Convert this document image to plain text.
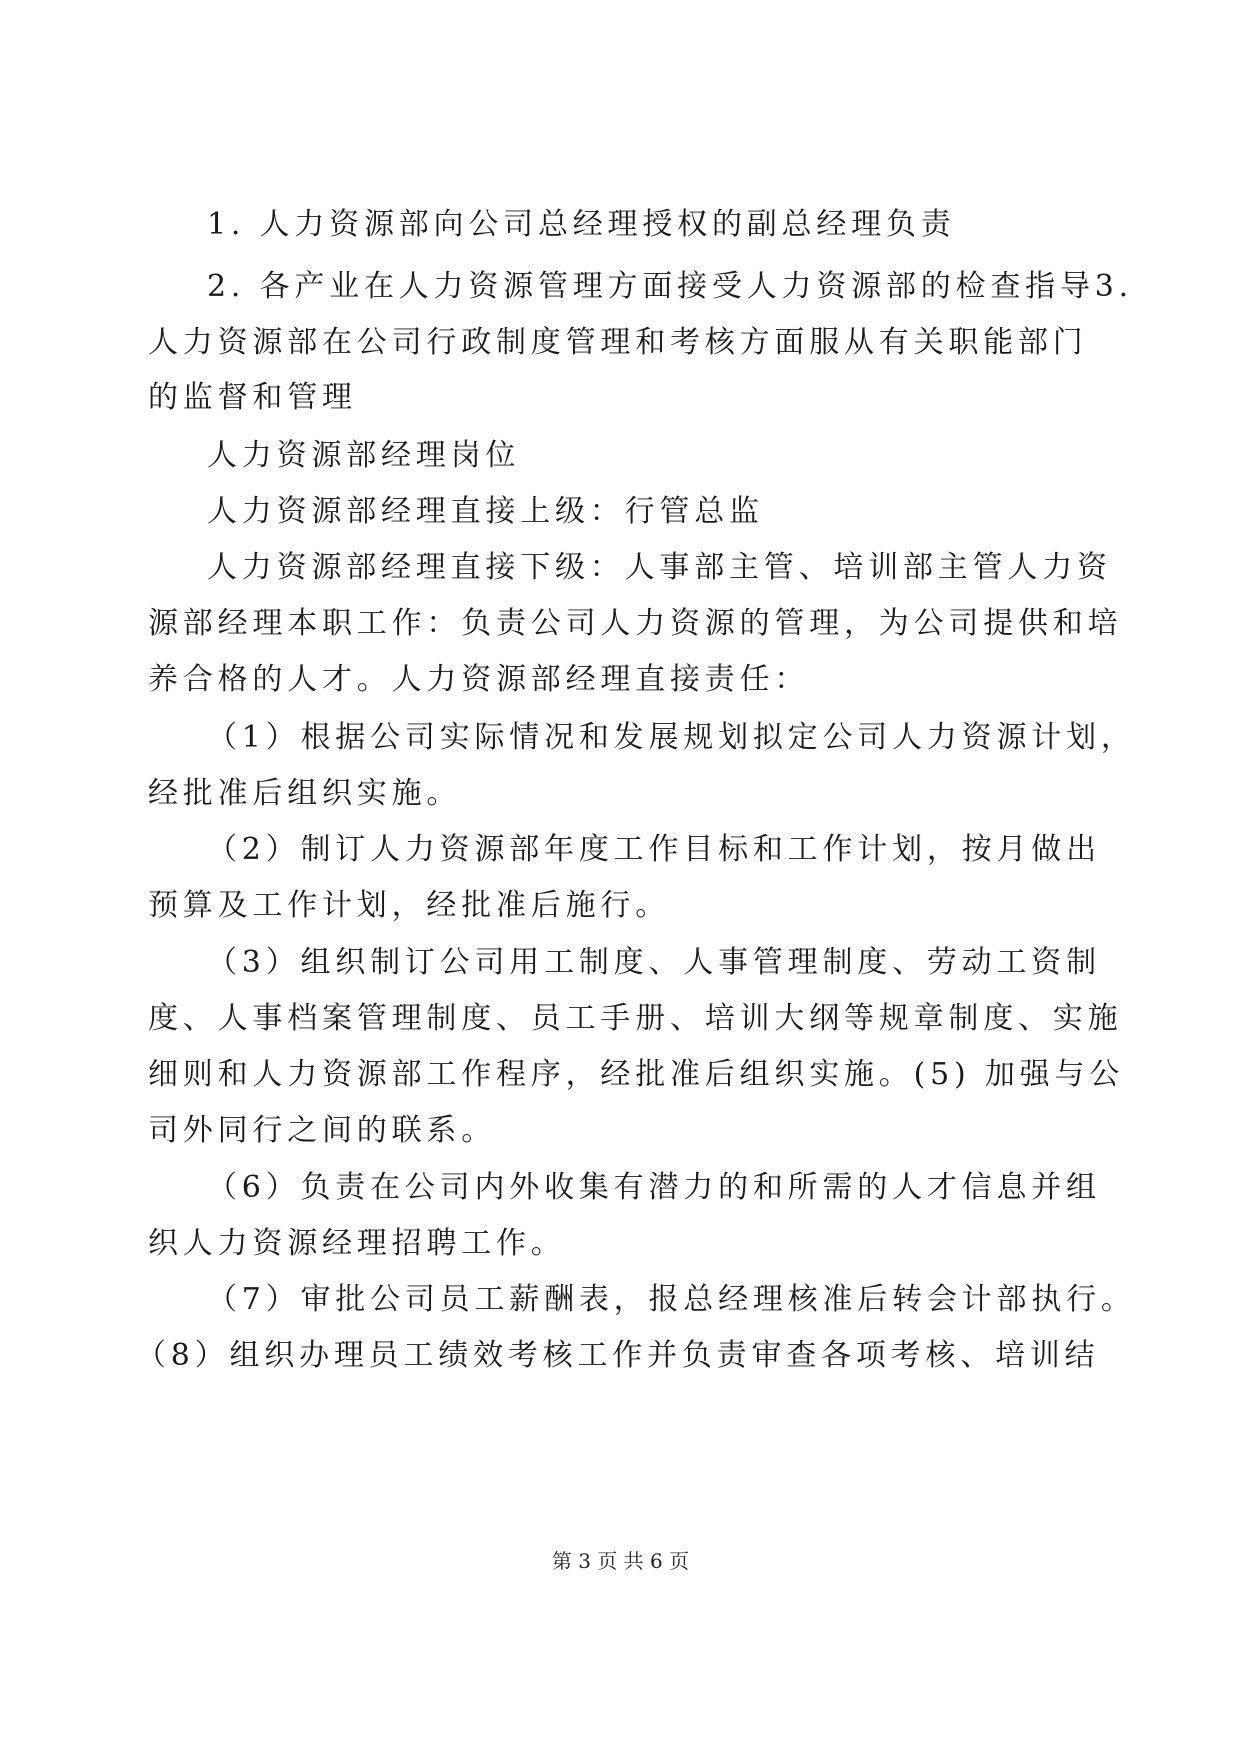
1. 人力资源部向公司总经理授权的副总经理负责
2. 各产业在人力资源管理方面接受人力资源部的检查指导3.
人力资源部在公司行政制度管理和考核方面服从有关职能部门
的监督和管理
人力资源部经理岗位
人力资源部经理直接上级：行管总监
人力资源部经理直接下级：人事部主管、培训部主管人力资
源部经理本职工作：负责公司人力资源的管理，为公司提供和培
养合格的人才。人力资源部经理直接责任：
（1）根据公司实际情况和发展规划拟定公司人力资源计划，
经批准后组织实施。
（2）制订人力资源部年度工作目标和工作计划，按月做出
预算及工作计划，经批准后施行。
（3）组织制订公司用工制度、人事管理制度、劳动工资制
度、人事档案管理制度、员工手册、培训大纲等规章制度、实施
细则和人力资源部工作程序，经批准后组织实施。(5) 加强与公
司外同行之间的联系。
（6）负责在公司内外收集有潜力的和所需的人才信息并组
织人力资源经理招聘工作。
（7）审批公司员工薪酬表，报总经理核准后转会计部执行。
（8）组织办理员工绩效考核工作并负责审查各项考核、培训结
第 3 页 共 6 页
